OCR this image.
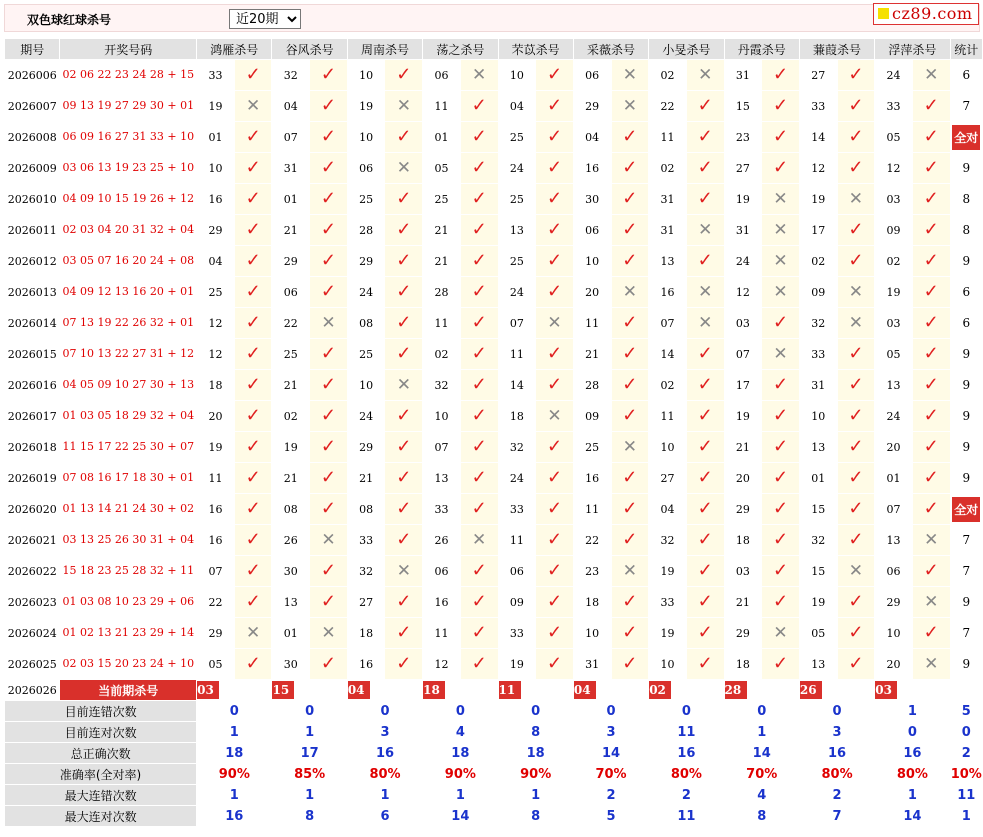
双色球红球杀号
近20期	cz89.com
期号	开奖号码	鸿雁杀号		谷风杀号		周南杀号		荡之杀号		芣苡杀号		采薇杀号		小旻杀号		丹霞杀号		蒹葭杀号		浮萍杀号		统计
2026006	02 06 22 23 24 28 + 15	33	✓	32	✓	10	✓	06	✕	10	✓	06	✕	02	✕	31	✓	27	✓	24	✕	6
2026007	09 13 19 27 29 30 + 01	19	✕	04	✓	19	✕	11	✓	04	✓	29	✕	22	✓	15	✓	33	✓	33	✓	7
2026008	06 09 16 27 31 33 + 10	01	✓	07	✓	10	✓	01	✓	25	✓	04	✓	11	✓	23	✓	14	✓	05	✓	全对
2026009	03 06 13 19 23 25 + 10	10	✓	31	✓	06	✕	05	✓	24	✓	16	✓	02	✓	27	✓	12	✓	12	✓	9
2026010	04 09 10 15 19 26 + 12	16	✓	01	✓	25	✓	25	✓	25	✓	30	✓	31	✓	19	✕	19	✕	03	✓	8
2026011	02 03 04 20 31 32 + 04	29	✓	21	✓	28	✓	21	✓	13	✓	06	✓	31	✕	31	✕	17	✓	09	✓	8
2026012	03 05 07 16 20 24 + 08	04	✓	29	✓	29	✓	21	✓	25	✓	10	✓	13	✓	24	✕	02	✓	02	✓	9
2026013	04 09 12 13 16 20 + 01	25	✓	06	✓	24	✓	28	✓	24	✓	20	✕	16	✕	12	✕	09	✕	19	✓	6
2026014	07 13 19 22 26 32 + 01	12	✓	22	✕	08	✓	11	✓	07	✕	11	✓	07	✕	03	✓	32	✕	03	✓	6
2026015	07 10 13 22 27 31 + 12	12	✓	25	✓	25	✓	02	✓	11	✓	21	✓	14	✓	07	✕	33	✓	05	✓	9
2026016	04 05 09 10 27 30 + 13	18	✓	21	✓	10	✕	32	✓	14	✓	28	✓	02	✓	17	✓	31	✓	13	✓	9
2026017	01 03 05 18 29 32 + 04	20	✓	02	✓	24	✓	10	✓	18	✕	09	✓	11	✓	19	✓	10	✓	24	✓	9
2026018	11 15 17 22 25 30 + 07	19	✓	19	✓	29	✓	07	✓	32	✓	25	✕	10	✓	21	✓	13	✓	20	✓	9
2026019	07 08 16 17 18 30 + 01	11	✓	21	✓	21	✓	13	✓	24	✓	16	✓	27	✓	20	✓	01	✓	01	✓	9
2026020	01 13 14 21 24 30 + 02	16	✓	08	✓	08	✓	33	✓	33	✓	11	✓	04	✓	29	✓	15	✓	07	✓	全对
2026021	03 13 25 26 30 31 + 04	16	✓	26	✕	33	✓	26	✕	11	✓	22	✓	32	✓	18	✓	32	✓	13	✕	7
2026022	15 18 23 25 28 32 + 11	07	✓	30	✓	32	✕	06	✓	06	✓	23	✕	19	✓	03	✓	15	✕	06	✓	7
2026023	01 03 08 10 23 29 + 06	22	✓	13	✓	27	✓	16	✓	09	✓	18	✓	33	✓	21	✓	19	✓	29	✕	9
2026024	01 02 13 21 23 29 + 14	29	✕	01	✕	18	✓	11	✓	33	✓	10	✓	19	✓	29	✕	05	✓	10	✓	7
2026025	02 03 15 20 23 24 + 10	05	✓	30	✓	16	✓	12	✓	19	✓	31	✓	10	✓	18	✓	13	✓	20	✕	9
2026026	当前期杀号	03		15		04		18		11		04		02		28		26		03		
目前连错次数		0		0		0		0		0		0		0		0		0		1		5
目前连对次数		1		1		3		4		8		3		11		1		3		0		0
总正确次数		18		17		16		18		18		14		16		14		16		16		2
准确率(全对率)		90%		85%		80%		90%		90%		70%		80%		70%		80%		80%		10%
最大连错次数		1		1		1		1		1		2		2		4		2		1		11
最大连对次数		16		8		6		14		8		5		11		8		7		14		1
